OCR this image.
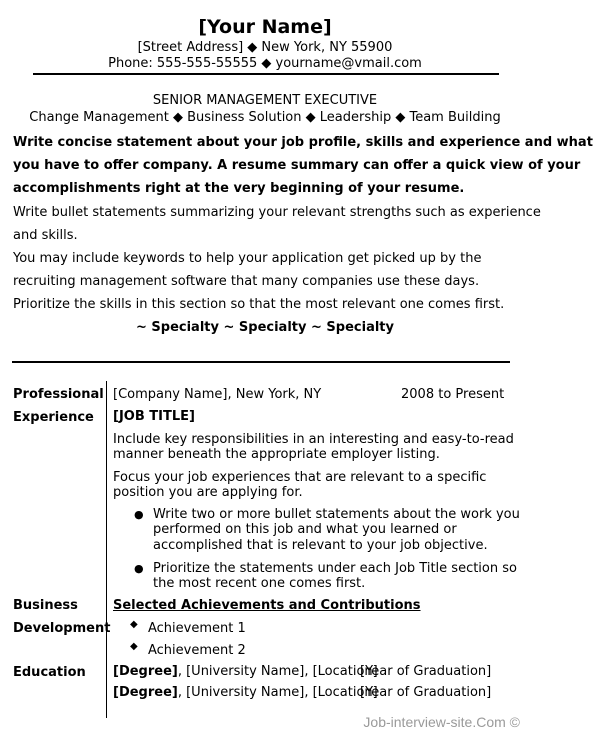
[Your Name]
[Street Address] ◆ New York, NY 55900
Phone: 555-555-55555 ◆ yourname@vmail.com
SENIOR MANAGEMENT EXECUTIVE
Change Management ◆ Business Solution ◆ Leadership ◆ Team Building
Write concise statement about your job profile, skills and experience and what
you have to offer company. A resume summary can offer a quick view of your
accomplishments right at the very beginning of your resume.
Write bullet statements summarizing your relevant strengths such as experience
and skills.
You may include keywords to help your application get picked up by the
recruiting management software that many companies use these days.
Prioritize the skills in this section so that the most relevant one comes first.
~ Specialty ~ Specialty ~ Specialty
Professional
Experience
[Company Name], New York, NY	2008 to Present
[JOB TITLE]
Include key responsibilities in an interesting and easy-to-read
manner beneath the appropriate employer listing.
Focus your job experiences that are relevant to a specific
position you are applying for.
● Write two or more bullet statements about the work you
performed on this job and what you learned or
accomplished that is relevant to your job objective.
● Prioritize the statements under each Job Title section so
the most recent one comes first.
Business
Development
Selected Achievements and Contributions
◆ Achievement 1
◆ Achievement 2
Education [Degree], [University Name], [Location]
[Year of Graduation]
[Degree], [University Name], [Location]
[Year of Graduation]
Job-interview-site.Com ©
